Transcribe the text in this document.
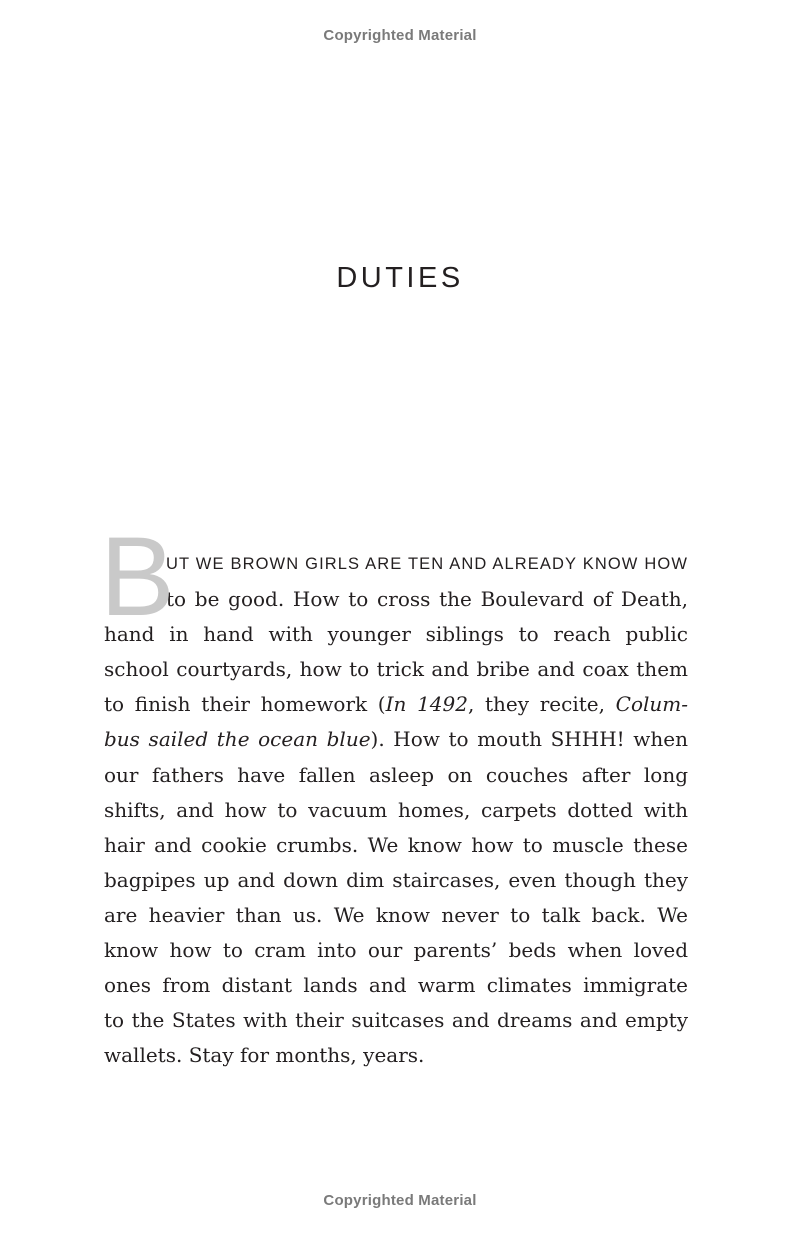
Copyrighted Material
DUTIES
B
UT WE BROWN GIRLS ARE TEN AND ALREADY KNOW HOW
to be good. How to cross the Boulevard of Death,
hand in hand with younger siblings to reach public
school courtyards, how to trick and bribe and coax them
to finish their homework (In 1492, they recite, Colum-
bus sailed the ocean blue). How to mouth SHHH! when
our fathers have fallen asleep on couches after long
shifts, and how to vacuum homes, carpets dotted with
hair and cookie crumbs. We know how to muscle these
bagpipes up and down dim staircases, even though they
are heavier than us. We know never to talk back. We
know how to cram into our parents’ beds when loved
ones from distant lands and warm climates immigrate
to the States with their suitcases and dreams and empty
wallets. Stay for months, years.
Copyrighted Material
